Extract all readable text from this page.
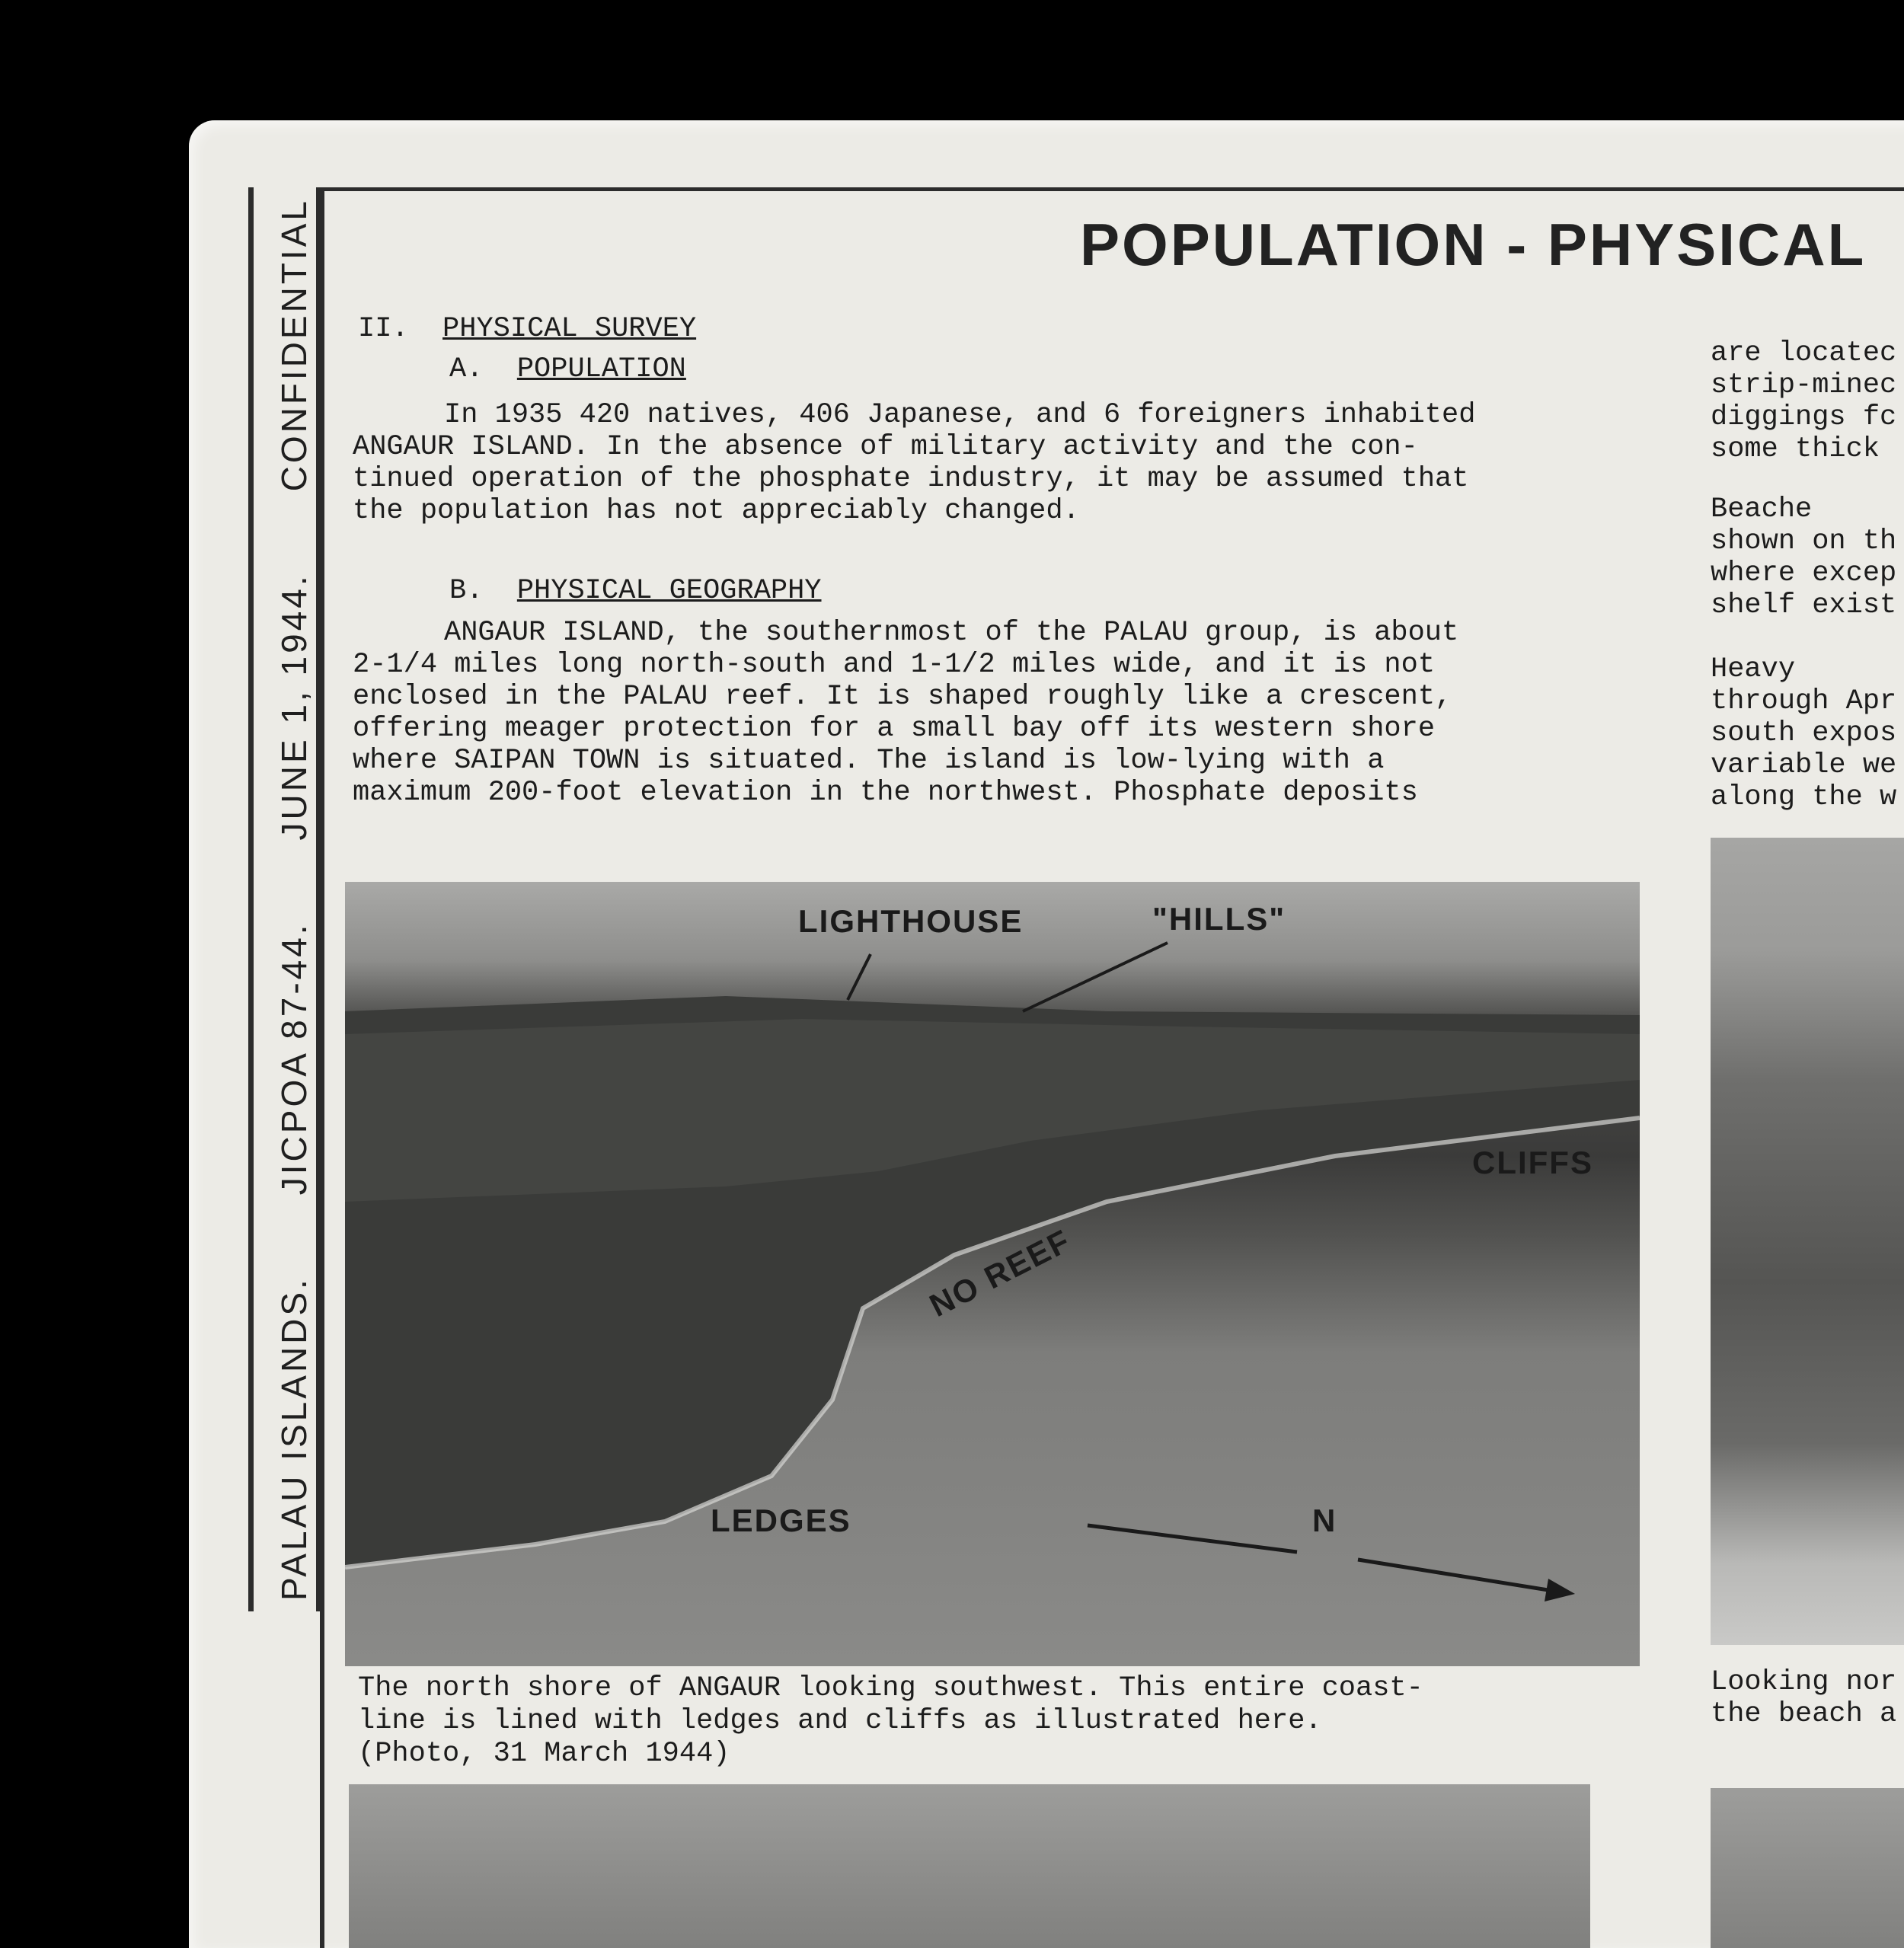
PALAU ISLANDS.
JICPOA 87-44.
JUNE 1, 1944.
CONFIDENTIAL	POPULATION - PHYSICAL
II. PHYSICAL SURVEY
A. POPULATION
In 1935 420 natives, 406 Japanese, and 6 foreigners inhabited
ANGAUR ISLAND. In the absence of military activity and the con-
tinued operation of the phosphate industry, it may be assumed that
the population has not appreciably changed.
B. PHYSICAL GEOGRAPHY
ANGAUR ISLAND, the southernmost of the PALAU group, is about
2-1/4 miles long north-south and 1-1/2 miles wide, and it is not
enclosed in the PALAU reef. It is shaped roughly like a crescent,
offering meager protection for a small bay off its western shore
where SAIPAN TOWN is situated. The island is low-lying with a
maximum 200-foot elevation in the northwest. Phosphate deposits
LIGHTHOUSE	"HILLS"
CLIFFS
NO REEF
LEDGES	N
The north shore of ANGAUR looking southwest. This entire coast-
line is lined with ledges and cliffs as illustrated here.
(Photo, 31 March 1944)
are locatec
strip-minec
diggings fc
some thick
Beache
shown on th
where excep
shelf exist
Heavy
through Apr
south expos
variable we
along the w
Looking nor
the beach a
